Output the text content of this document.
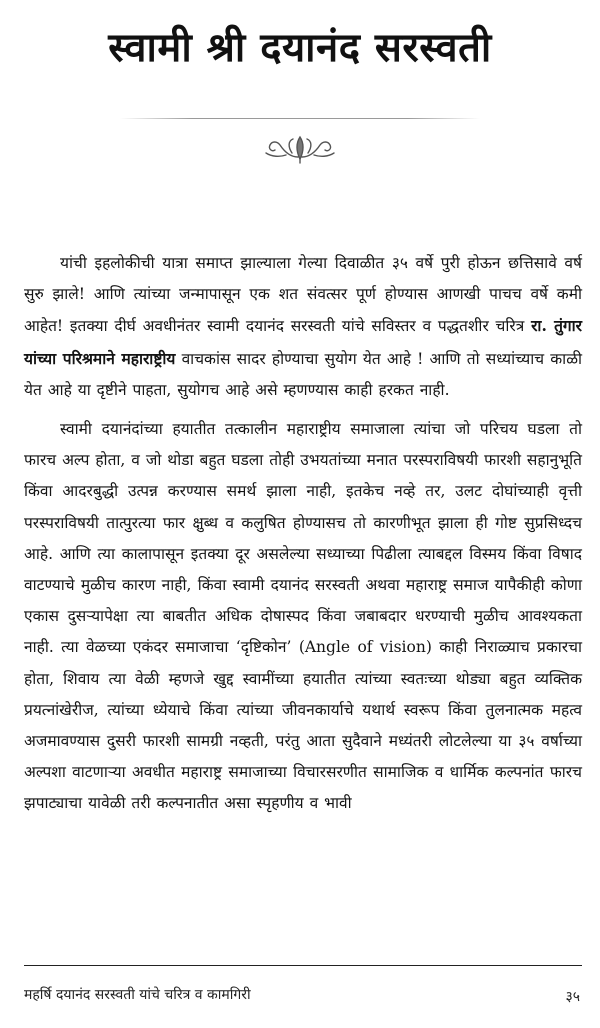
स्वामी श्री दयानंद सरस्वती

यांची इहलोकीची यात्रा समाप्त झाल्याला गेल्या दिवाळीत ३५ वर्षे पुरी होऊन छत्तिसावे वर्ष सुरु झाले! आणि त्यांच्या जन्मापासून एक शत संवत्सर पूर्ण होण्यास आणखी पाचच वर्षे कमी आहेत! इतक्या दीर्घ अवधीनंतर स्वामी दयानंद सरस्वती यांचे सविस्तर व पद्धतशीर चरित्र रा. तुंगार यांच्या परिश्रमाने महाराष्ट्रीय वाचकांस सादर होण्याचा सुयोग येत आहे ! आणि तो सध्यांच्याच काळी येत आहे या दृष्टीने पाहता, सुयोगच आहे असे म्हणण्यास काही हरकत नाही.

स्वामी दयानंदांच्या हयातीत तत्कालीन महाराष्ट्रीय समाजाला त्यांचा जो परिचय घडला तो फारच अल्प होता, व जो थोडा बहुत घडला तोही उभयतांच्या मनात परस्पराविषयी फारशी सहानुभूति किंवा आदरबुद्धी उत्पन्न करण्यास समर्थ झाला नाही, इतकेच नव्हे तर, उलट दोघांच्याही वृत्ती परस्पराविषयी तात्पुरत्या फार क्षुब्ध व कलुषित होण्यासच तो कारणीभूत झाला ही गोष्ट सुप्रसिध्दच आहे. आणि त्या कालापासून इतक्या दूर असलेल्या सध्याच्या पिढीला त्याबद्दल विस्मय किंवा विषाद वाटण्याचे मुळीच कारण नाही, किंवा स्वामी दयानंद सरस्वती अथवा महाराष्ट्र समाज यापैकीही कोणा एकास दुसऱ्यापेक्षा त्या बाबतीत अधिक दोषास्पद किंवा जबाबदार धरण्याची मुळीच आवश्यकता नाही. त्या वेळच्या एकंदर समाजाचा ‘दृष्टिकोन’ (Angle of vision) काही निराळ्याच प्रकारचा होता, शिवाय त्या वेळी म्हणजे खुद्द स्वामींच्या हयातीत त्यांच्या स्वतःच्या थोड्या बहुत व्यक्तिक प्रयत्नांखेरीज, त्यांच्या ध्येयाचे किंवा त्यांच्या जीवनकार्याचे यथार्थ स्वरूप किंवा तुलनात्मक महत्व अजमावण्यास दुसरी फारशी सामग्री नव्हती, परंतु आता सुदैवाने मध्यंतरी लोटलेल्या या ३५ वर्षाच्या अल्पशा वाटणाऱ्या अवधीत महाराष्ट्र समाजाच्या विचारसरणीत सामाजिक व धार्मिक कल्पनांत फारच झपाट्याचा यावेळी तरी कल्पनातीत असा स्पृहणीय व भावी

महर्षि दयानंद सरस्वती यांचे चरित्र व कामगिरी	३५
